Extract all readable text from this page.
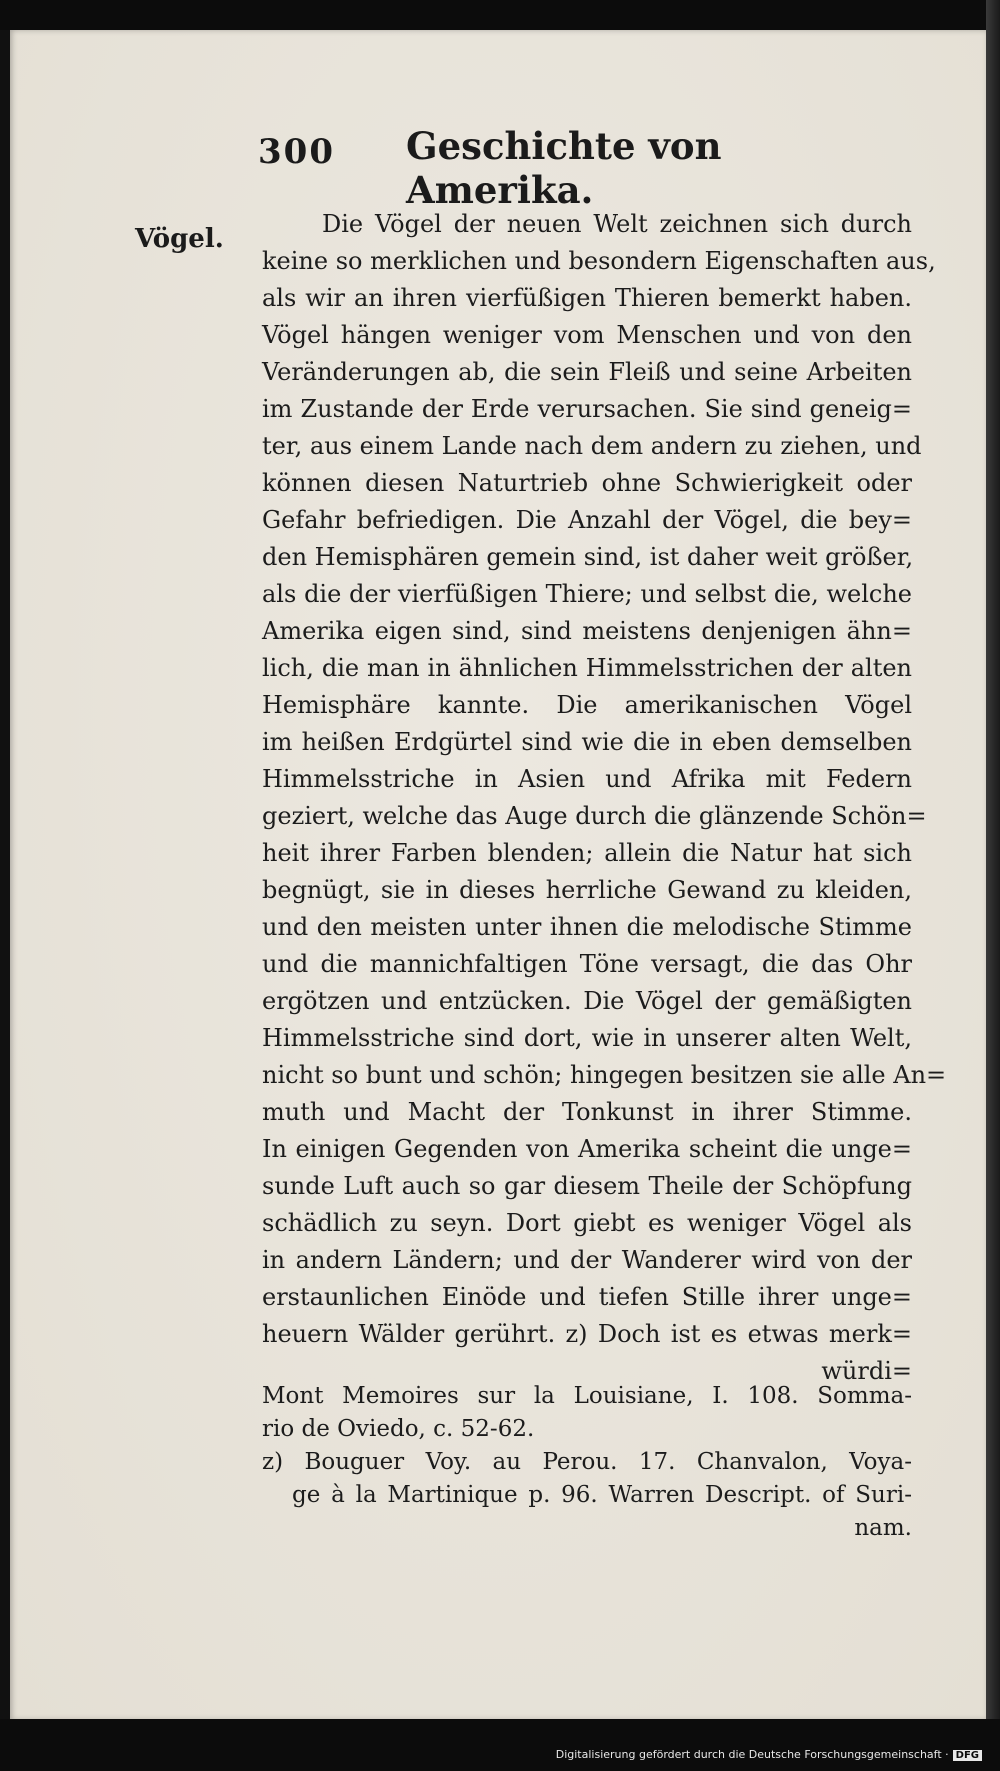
300 Geschichte von Amerika.
Vögel.	Die Vögel der neuen Welt zeichnen sich durch
keine so merklichen und besondern Eigenschaften aus,
als wir an ihren vierfüßigen Thieren bemerkt haben.
Vögel hängen weniger vom Menschen und von den
Veränderungen ab, die sein Fleiß und seine Arbeiten
im Zustande der Erde verursachen. Sie sind geneig=
ter, aus einem Lande nach dem andern zu ziehen, und
können diesen Naturtrieb ohne Schwierigkeit oder
Gefahr befriedigen. Die Anzahl der Vögel, die bey=
den Hemisphären gemein sind, ist daher weit größer,
als die der vierfüßigen Thiere; und selbst die, welche
Amerika eigen sind, sind meistens denjenigen ähn=
lich, die man in ähnlichen Himmelsstrichen der alten
Hemisphäre kannte. Die amerikanischen Vögel
im heißen Erdgürtel sind wie die in eben demselben
Himmelsstriche in Asien und Afrika mit Federn
geziert, welche das Auge durch die glänzende Schön=
heit ihrer Farben blenden; allein die Natur hat sich
begnügt, sie in dieses herrliche Gewand zu kleiden,
und den meisten unter ihnen die melodische Stimme
und die mannichfaltigen Töne versagt, die das Ohr
ergötzen und entzücken. Die Vögel der gemäßigten
Himmelsstriche sind dort, wie in unserer alten Welt,
nicht so bunt und schön; hingegen besitzen sie alle An=
muth und Macht der Tonkunst in ihrer Stimme.
In einigen Gegenden von Amerika scheint die unge=
sunde Luft auch so gar diesem Theile der Schöpfung
schädlich zu seyn. Dort giebt es weniger Vögel als
in andern Ländern; und der Wanderer wird von der
erstaunlichen Einöde und tiefen Stille ihrer unge=
heuern Wälder gerührt. z) Doch ist es etwas merk=
würdi=
Mont Memoires sur la Louisiane, I. 108. Somma-
rio de Oviedo, c. 52-62.
z) Bouguer Voy. au Perou. 17. Chanvalon, Voya-
ge à la Martinique p. 96. Warren Descript. of Suri-
nam.
Digitalisierung gefördert durch die Deutsche Forschungsgemeinschaft · DFG
